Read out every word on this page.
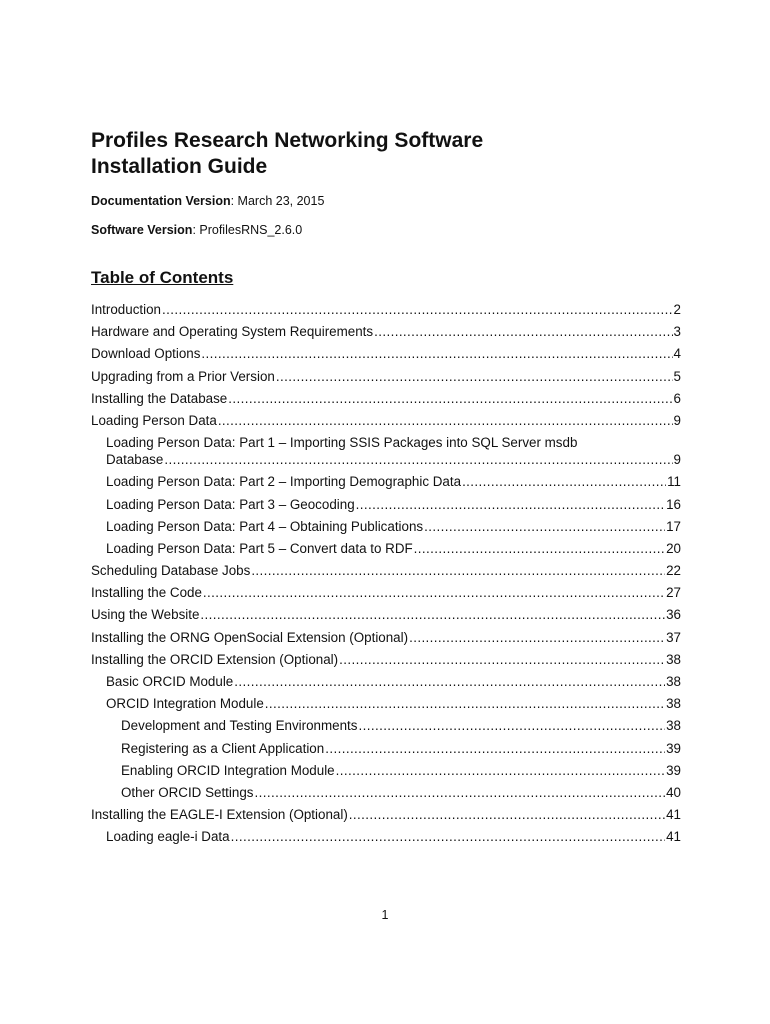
Profiles Research Networking Software
Installation Guide

Documentation Version: March 23, 2015

Software Version: ProfilesRNS_2.6.0

Table of Contents
Introduction .....	2
Hardware and Operating System Requirements .....	3
Download Options .....	4
Upgrading from a Prior Version .....	5
Installing the Database .....	6
Loading Person Data .....	9
Loading Person Data: Part 1 – Importing SSIS Packages into SQL Server msdb
Database .....	9
Loading Person Data: Part 2 – Importing Demographic Data .....	11
Loading Person Data: Part 3 – Geocoding .....	16
Loading Person Data: Part 4 – Obtaining Publications .....	17
Loading Person Data: Part 5 – Convert data to RDF .....	20
Scheduling Database Jobs .....	22
Installing the Code .....	27
Using the Website .....	36
Installing the ORNG OpenSocial Extension (Optional) .....	37
Installing the ORCID Extension (Optional) .....	38
Basic ORCID Module .....	38
ORCID Integration Module .....	38
Development and Testing Environments .....	38
Registering as a Client Application .....	39
Enabling ORCID Integration Module .....	39
Other ORCID Settings .....	40
Installing the EAGLE-I Extension (Optional) .....	41
Loading eagle-i Data .....	41

1
